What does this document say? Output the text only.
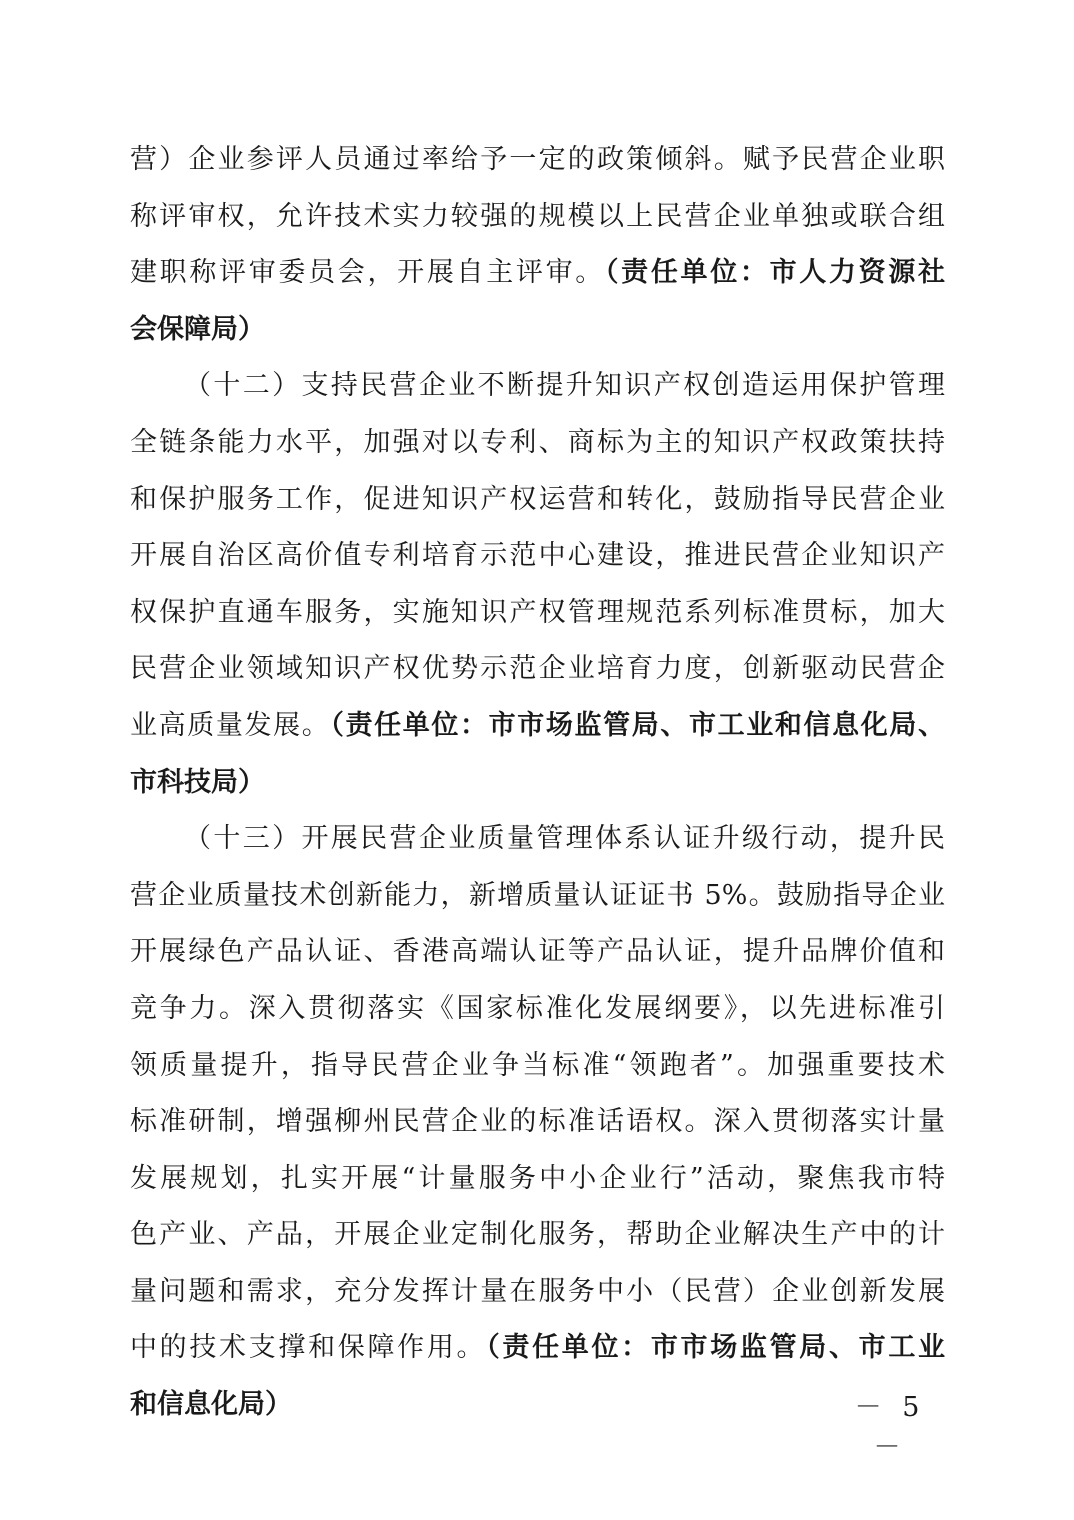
营）企业参评人员通过率给予一定的政策倾斜。赋予民营企业职
称评审权，允许技术实力较强的规模以上民营企业单独或联合组
建职称评审委员会，开展自主评审。（责任单位：市人力资源社
会保障局）
（十二）支持民营企业不断提升知识产权创造运用保护管理
全链条能力水平，加强对以专利、商标为主的知识产权政策扶持
和保护服务工作，促进知识产权运营和转化，鼓励指导民营企业
开展自治区高价值专利培育示范中心建设，推进民营企业知识产
权保护直通车服务，实施知识产权管理规范系列标准贯标，加大
民营企业领域知识产权优势示范企业培育力度，创新驱动民营企
业高质量发展。（责任单位：市市场监管局、市工业和信息化局、
市科技局）
（十三）开展民营企业质量管理体系认证升级行动，提升民
营企业质量技术创新能力，新增质量认证证书 5%。鼓励指导企业
开展绿色产品认证、香港高端认证等产品认证，提升品牌价值和
竞争力。深入贯彻落实《国家标准化发展纲要》，以先进标准引
领质量提升，指导民营企业争当标准“领跑者”。加强重要技术
标准研制，增强柳州民营企业的标准话语权。深入贯彻落实计量
发展规划，扎实开展“计量服务中小企业行”活动，聚焦我市特
色产业、产品，开展企业定制化服务，帮助企业解决生产中的计
量问题和需求，充分发挥计量在服务中小（民营）企业创新发展
中的技术支撑和保障作用。（责任单位：市市场监管局、市工业
和信息化局）	－ 5 －
